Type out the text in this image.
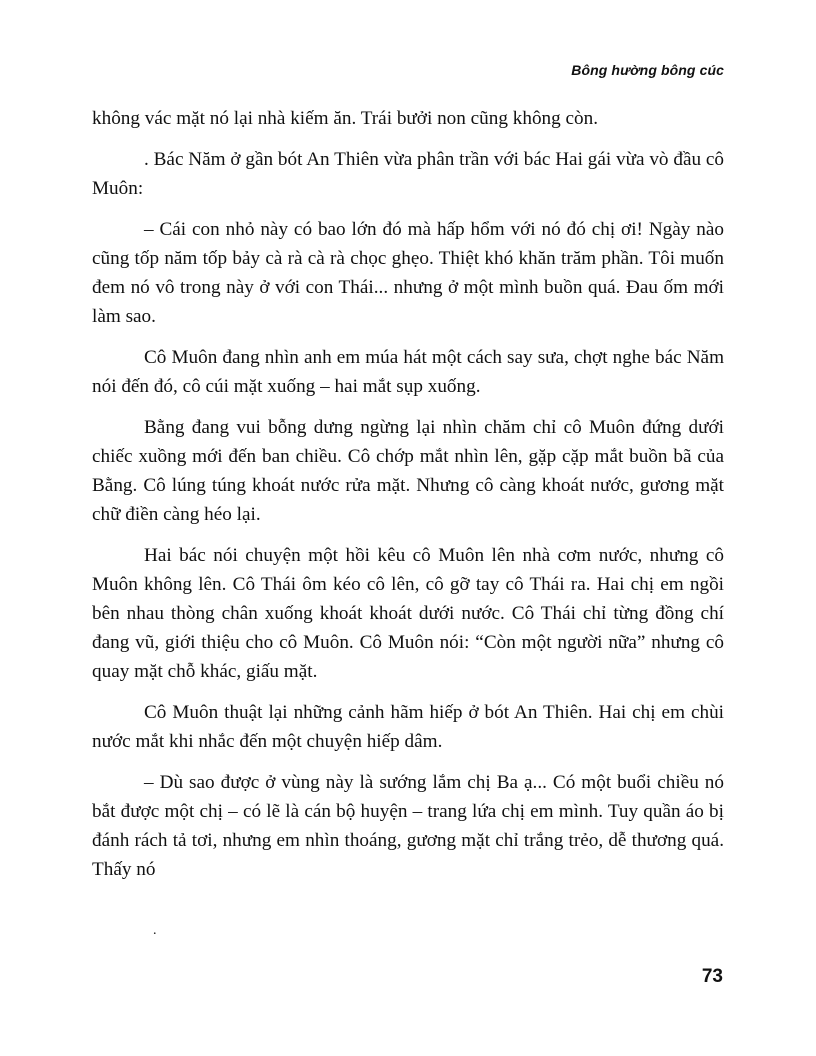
Bông hường bông cúc

không vác mặt nó lại nhà kiếm ăn. Trái bưởi non cũng không còn.

. Bác Năm ở gần bót An Thiên vừa phân trần với bác Hai gái vừa vò đầu cô Muôn:

– Cái con nhỏ này có bao lớn đó mà hấp hổm với nó đó chị ơi! Ngày nào cũng tốp năm tốp bảy cà rà cà rà chọc ghẹo. Thiệt khó khăn trăm phần. Tôi muốn đem nó vô trong này ở với con Thái... nhưng ở một mình buồn quá. Đau ốm mới làm sao.

Cô Muôn đang nhìn anh em múa hát một cách say sưa, chợt nghe bác Năm nói đến đó, cô cúi mặt xuống – hai mắt sụp xuống.

Bằng đang vui bỗng dưng ngừng lại nhìn chăm chỉ cô Muôn đứng dưới chiếc xuồng mới đến ban chiều. Cô chớp mắt nhìn lên, gặp cặp mắt buồn bã của Bằng. Cô lúng túng khoát nước rửa mặt. Nhưng cô càng khoát nước, gương mặt chữ điền càng héo lại.

Hai bác nói chuyện một hồi kêu cô Muôn lên nhà cơm nước, nhưng cô Muôn không lên. Cô Thái ôm kéo cô lên, cô gỡ tay cô Thái ra. Hai chị em ngồi bên nhau thòng chân xuống khoát khoát dưới nước. Cô Thái chỉ từng đồng chí đang vũ, giới thiệu cho cô Muôn. Cô Muôn nói: “Còn một người nữa” nhưng cô quay mặt chỗ khác, giấu mặt.

Cô Muôn thuật lại những cảnh hãm hiếp ở bót An Thiên. Hai chị em chùi nước mắt khi nhắc đến một chuyện hiếp dâm.

– Dù sao được ở vùng này là sướng lắm chị Ba ạ... Có một buổi chiều nó bắt được một chị – có lẽ là cán bộ huyện – trang lứa chị em mình. Tuy quần áo bị đánh rách tả tơi, nhưng em nhìn thoáng, gương mặt chỉ trắng trẻo, dễ thương quá. Thấy nó

.
73
